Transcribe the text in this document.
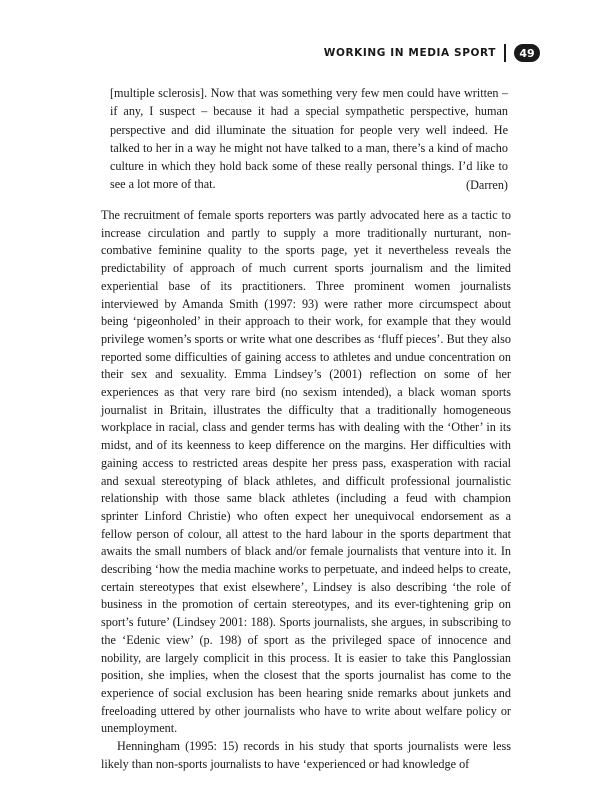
WORKING IN MEDIA SPORT	49

[multiple sclerosis]. Now that was something very few men could have written – if any, I suspect – because it had a special sympathetic perspective, human perspective and did illuminate the situation for people very well indeed. He talked to her in a way he might not have talked to a man, there’s a kind of macho culture in which they hold back some of these really personal things. I’d like to see a lot more of that.	(Darren)

The recruitment of female sports reporters was partly advocated here as a tactic to increase circulation and partly to supply a more traditionally nurturant, non-combative feminine quality to the sports page, yet it nevertheless reveals the predictability of approach of much current sports journalism and the limited experiential base of its practitioners. Three prominent women journalists interviewed by Amanda Smith (1997: 93) were rather more circumspect about being ‘pigeonholed’ in their approach to their work, for example that they would privilege women’s sports or write what one describes as ‘fluff pieces’. But they also reported some difficulties of gaining access to athletes and undue concentration on their sex and sexuality. Emma Lindsey’s (2001) reflection on some of her experiences as that very rare bird (no sexism intended), a black woman sports journalist in Britain, illustrates the difficulty that a traditionally homogeneous workplace in racial, class and gender terms has with dealing with the ‘Other’ in its midst, and of its keenness to keep difference on the margins. Her difficulties with gaining access to restricted areas despite her press pass, exasperation with racial and sexual stereotyping of black athletes, and difficult professional journalistic relationship with those same black athletes (including a feud with champion sprinter Linford Christie) who often expect her unequivocal endorsement as a fellow person of colour, all attest to the hard labour in the sports department that awaits the small numbers of black and/or female journalists that venture into it. In describing ‘how the media machine works to perpetuate, and indeed helps to create, certain stereotypes that exist elsewhere’, Lindsey is also describing ‘the role of business in the promotion of certain stereotypes, and its ever-tightening grip on sport’s future’ (Lindsey 2001: 188). Sports journalists, she argues, in subscribing to the ‘Edenic view’ (p. 198) of sport as the privileged space of innocence and nobility, are largely complicit in this process. It is easier to take this Panglossian position, she implies, when the closest that the sports journalist has come to the experience of social exclusion has been hearing snide remarks about junkets and freeloading uttered by other journalists who have to write about welfare policy or unemployment.

Henningham (1995: 15) records in his study that sports journalists were less likely than non-sports journalists to have ‘experienced or had knowledge of
